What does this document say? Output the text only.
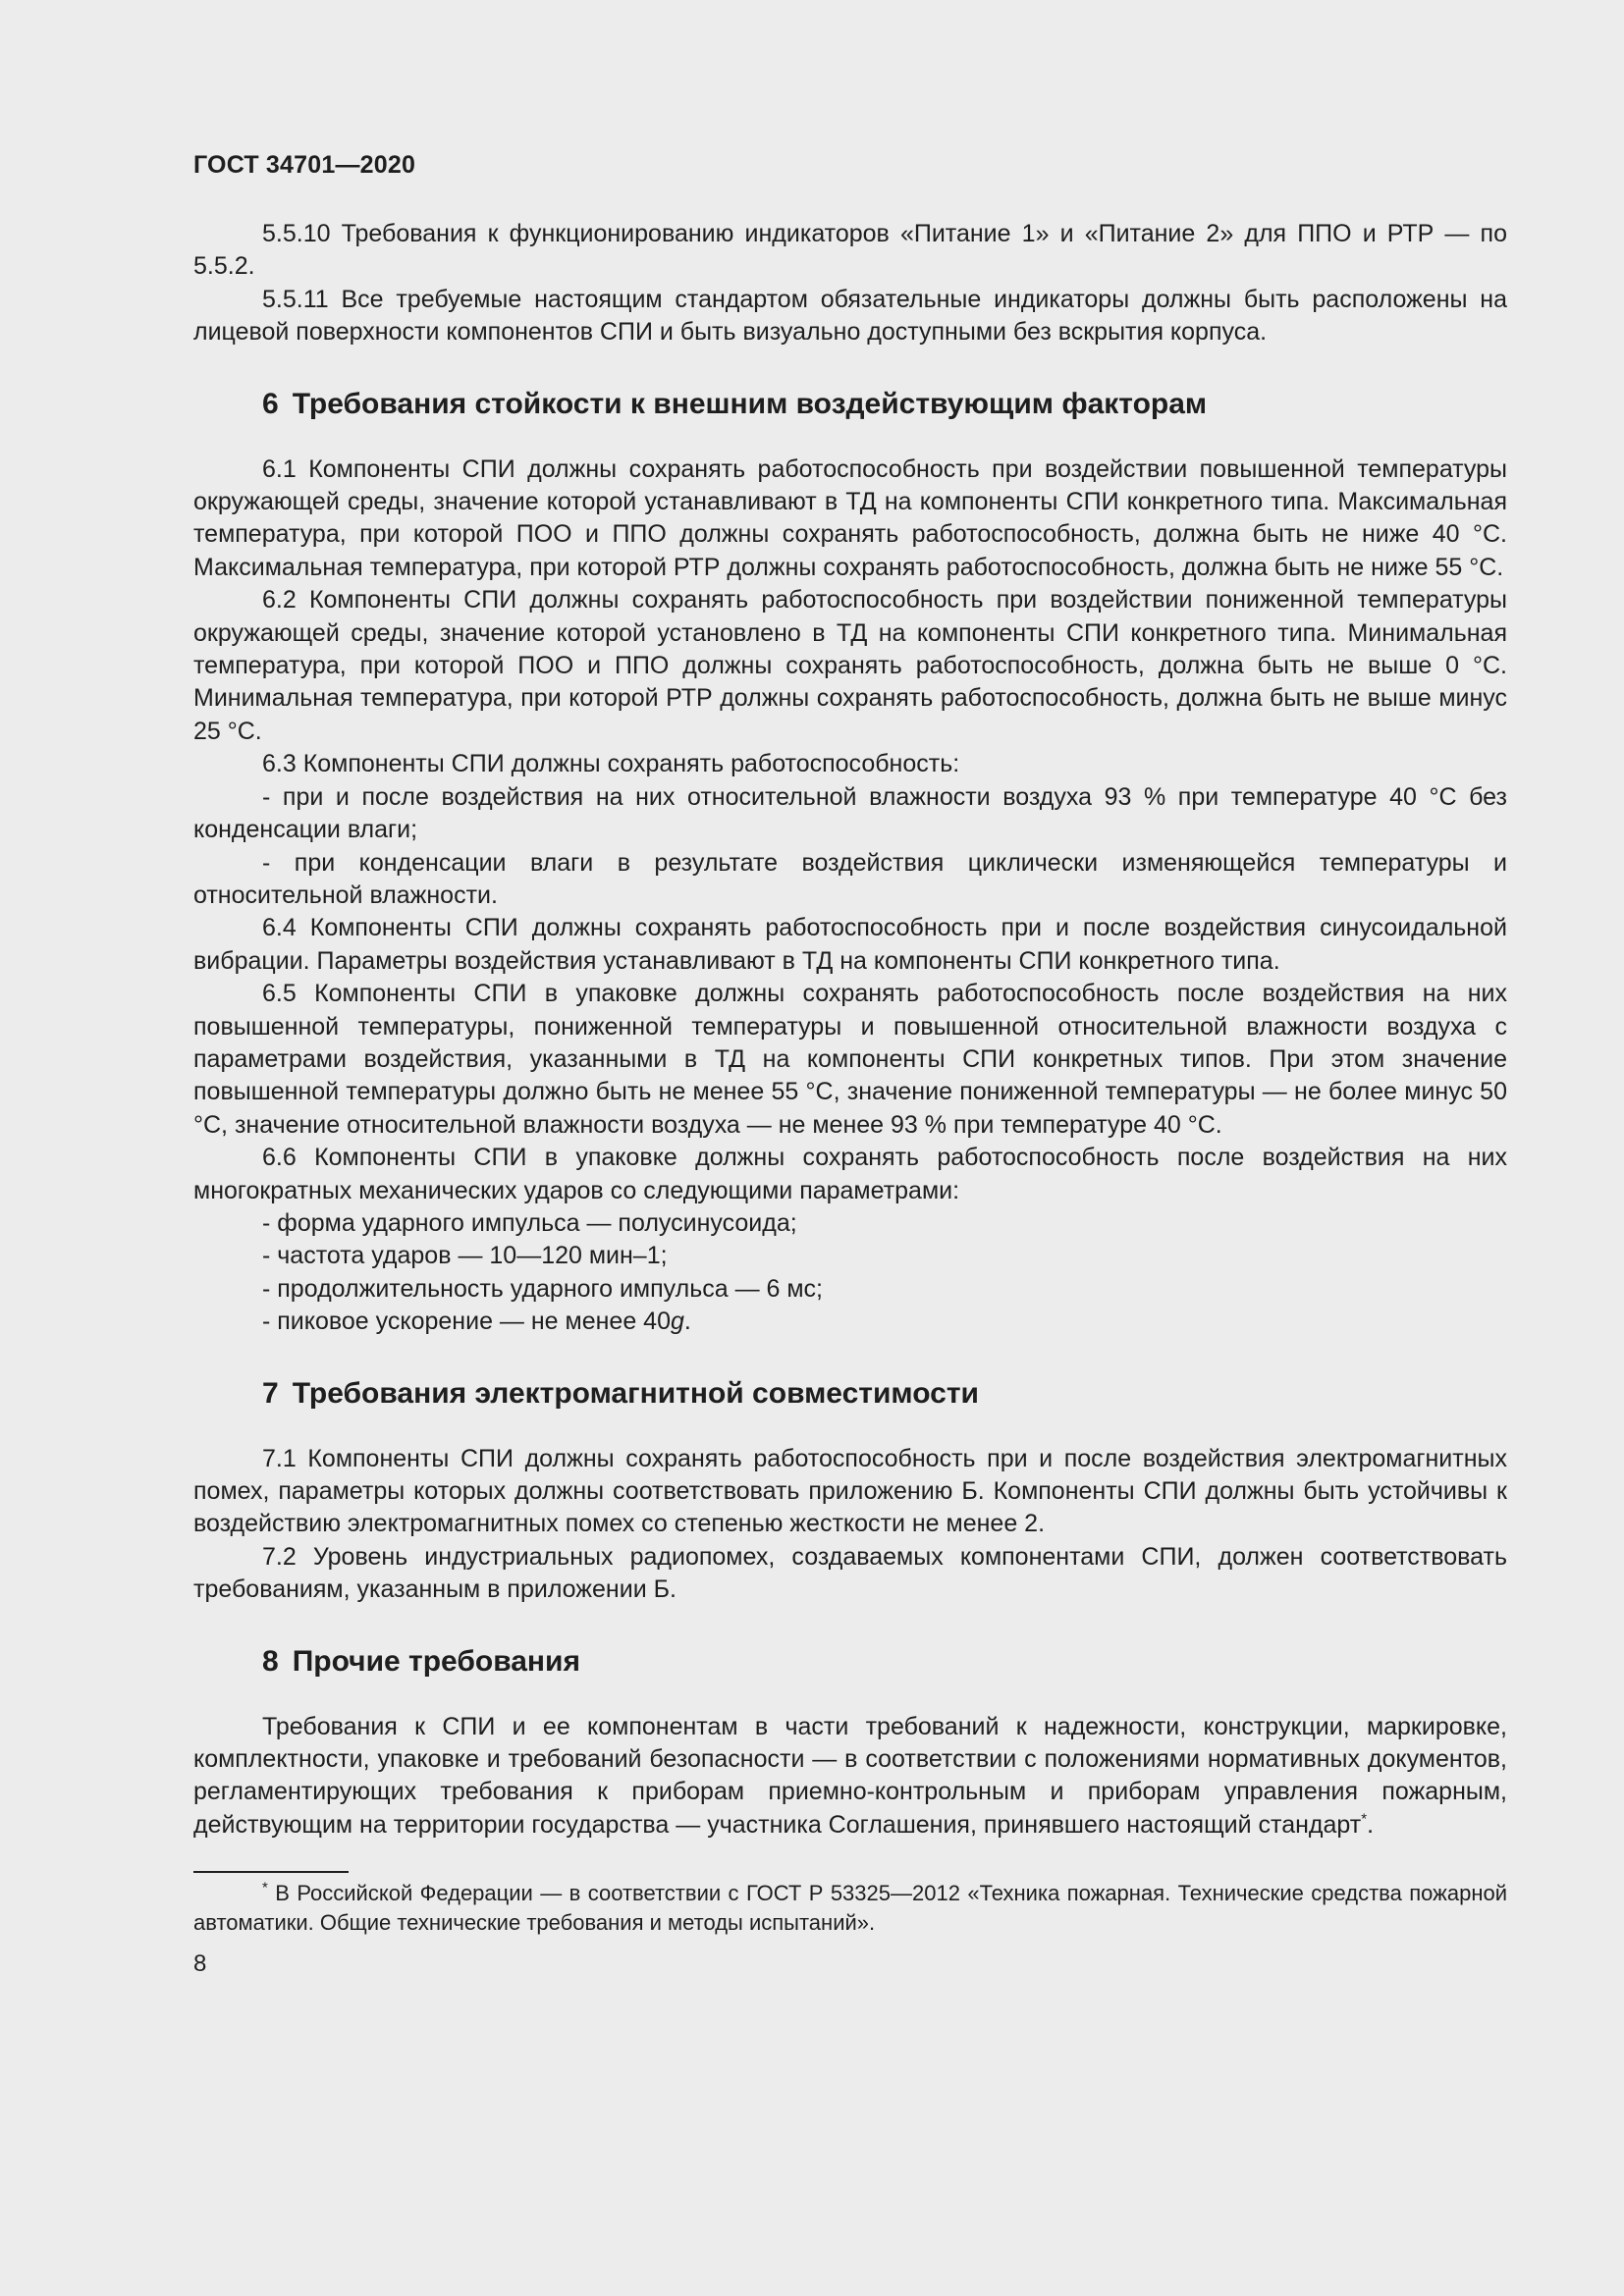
ГОСТ 34701—2020

5.5.10 Требования к функционированию индикаторов «Питание 1» и «Питание 2» для ППО и РТР — по 5.5.2.

5.5.11 Все требуемые настоящим стандартом обязательные индикаторы должны быть расположены на лицевой поверхности компонентов СПИ и быть визуально доступными без вскрытия корпуса.

6 Требования стойкости к внешним воздействующим факторам

6.1 Компоненты СПИ должны сохранять работоспособность при воздействии повышенной температуры окружающей среды, значение которой устанавливают в ТД на компоненты СПИ конкретного типа. Максимальная температура, при которой ПОО и ППО должны сохранять работоспособность, должна быть не ниже 40 °С. Максимальная температура, при которой РТР должны сохранять работоспособность, должна быть не ниже 55 °С.

6.2 Компоненты СПИ должны сохранять работоспособность при воздействии пониженной температуры окружающей среды, значение которой установлено в ТД на компоненты СПИ конкретного типа. Минимальная температура, при которой ПОО и ППО должны сохранять работоспособность, должна быть не выше 0 °С. Минимальная температура, при которой РТР должны сохранять работоспособность, должна быть не выше минус 25 °С.

6.3 Компоненты СПИ должны сохранять работоспособность:

- при и после воздействия на них относительной влажности воздуха 93 % при температуре 40 °С без конденсации влаги;

- при конденсации влаги в результате воздействия циклически изменяющейся температуры и относительной влажности.

6.4 Компоненты СПИ должны сохранять работоспособность при и после воздействия синусоидальной вибрации. Параметры воздействия устанавливают в ТД на компоненты СПИ конкретного типа.

6.5 Компоненты СПИ в упаковке должны сохранять работоспособность после воздействия на них повышенной температуры, пониженной температуры и повышенной относительной влажности воздуха с параметрами воздействия, указанными в ТД на компоненты СПИ конкретных типов. При этом значение повышенной температуры должно быть не менее 55 °С, значение пониженной температуры — не более минус 50 °С, значение относительной влажности воздуха — не менее 93 % при температуре 40 °С.

6.6 Компоненты СПИ в упаковке должны сохранять работоспособность после воздействия на них многократных механических ударов со следующими параметрами:

- форма ударного импульса — полусинусоида;

- частота ударов — 10—120 мин–1;

- продолжительность ударного импульса — 6 мс;

- пиковое ускорение — не менее 40g.

7 Требования электромагнитной совместимости

7.1 Компоненты СПИ должны сохранять работоспособность при и после воздействия электромагнитных помех, параметры которых должны соответствовать приложению Б. Компоненты СПИ должны быть устойчивы к воздействию электромагнитных помех со степенью жесткости не менее 2.

7.2 Уровень индустриальных радиопомех, создаваемых компонентами СПИ, должен соответствовать требованиям, указанным в приложении Б.

8 Прочие требования

Требования к СПИ и ее компонентам в части требований к надежности, конструкции, маркировке, комплектности, упаковке и требований безопасности — в соответствии с положениями нормативных документов, регламентирующих требования к приборам приемно-контрольным и приборам управления пожарным, действующим на территории государства — участника Соглашения, принявшего настоящий стандарт*.

* В Российской Федерации — в соответствии с ГОСТ Р 53325—2012 «Техника пожарная. Технические средства пожарной автоматики. Общие технические требования и методы испытаний».

8
